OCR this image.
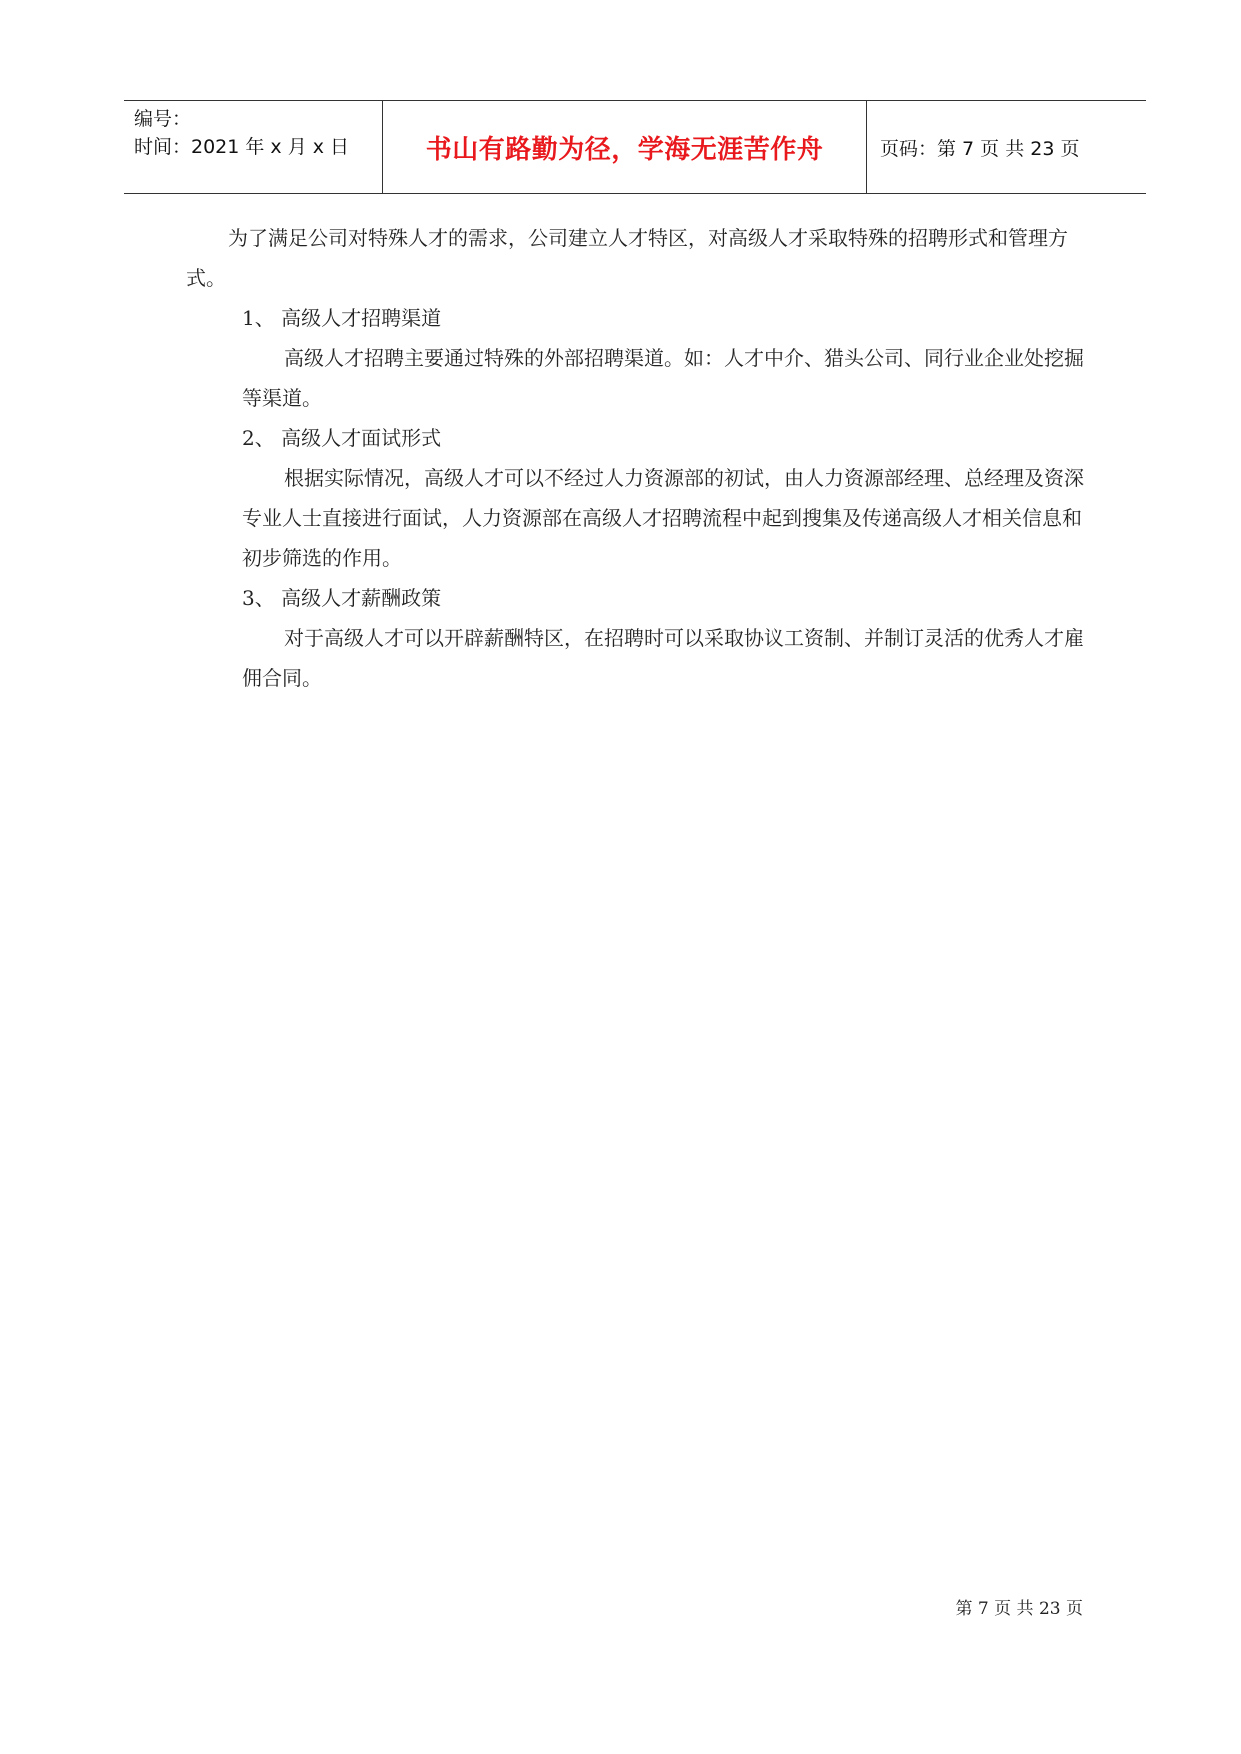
编号：
时间：2021 年 x 月 x 日	书山有路勤为径，学海无涯苦作舟	页码：第 7 页 共 23 页

为了满足公司对特殊人才的需求，公司建立人才特区，对高级人才采取特殊的招聘形式和管理方式。

1、 高级人才招聘渠道

高级人才招聘主要通过特殊的外部招聘渠道。如：人才中介、猎头公司、同行业企业处挖掘等渠道。

2、 高级人才面试形式

根据实际情况，高级人才可以不经过人力资源部的初试，由人力资源部经理、总经理及资深专业人士直接进行面试，人力资源部在高级人才招聘流程中起到搜集及传递高级人才相关信息和初步筛选的作用。

3、 高级人才薪酬政策

对于高级人才可以开辟薪酬特区，在招聘时可以采取协议工资制、并制订灵活的优秀人才雇佣合同。

第 7 页 共 23 页
